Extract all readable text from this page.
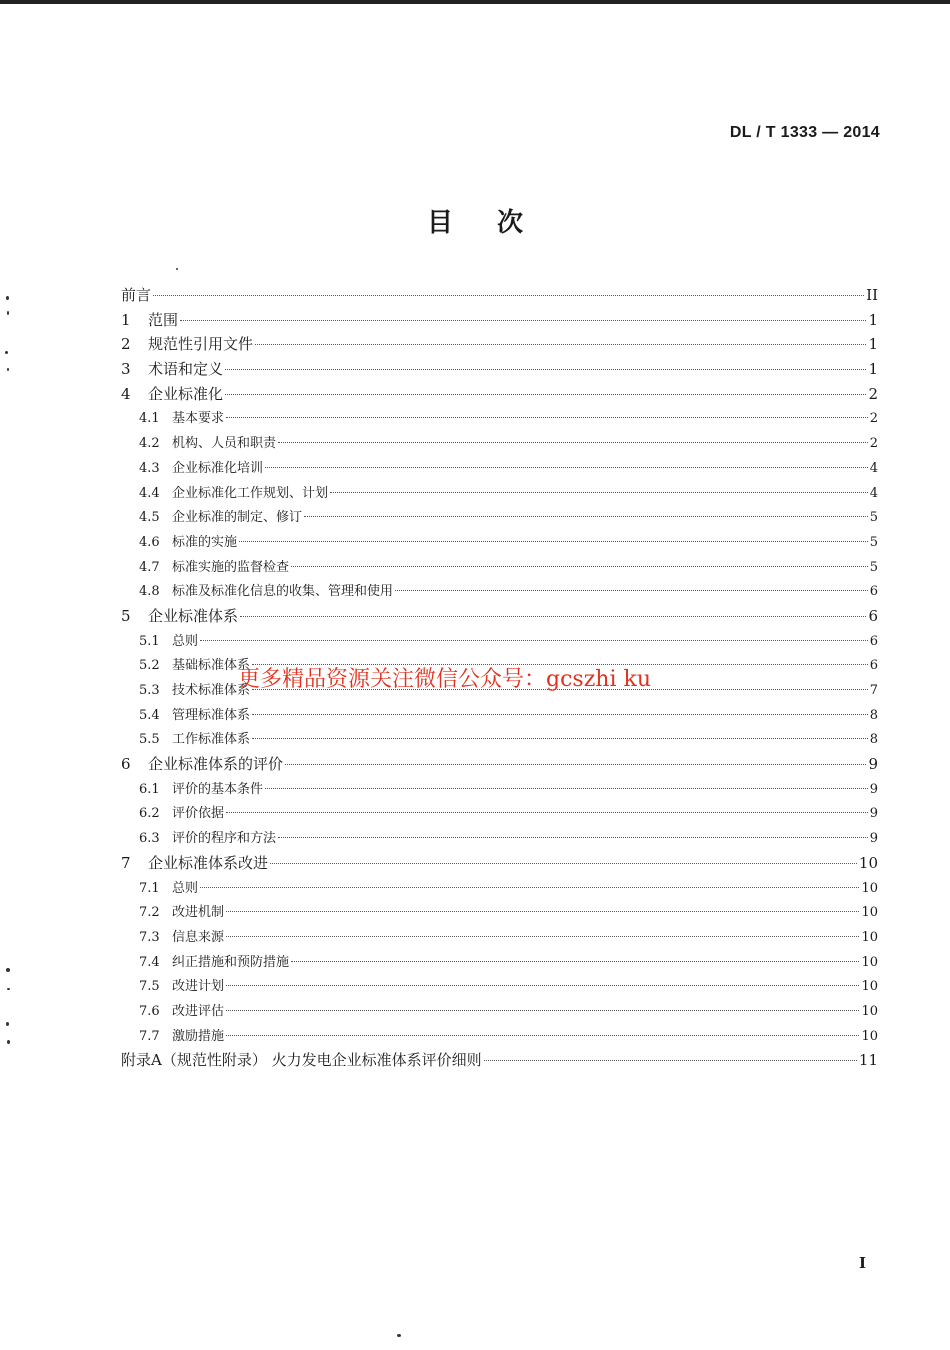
DL / T 1333 — 2014
目 次
前言	II
1	范围	1
2	规范性引用文件	1
3	术语和定义	1
4	企业标准化	2
4.1 基本要求	2
4.2 机构、人员和职责	2
4.3 企业标准化培训	4
4.4 企业标准化工作规划、计划	4
4.5 企业标准的制定、修订	5
4.6 标准的实施	5
4.7 标准实施的监督检查	5
4.8 标准及标准化信息的收集、管理和使用	6
5	企业标准体系	6
5.1 总则	6
5.2 基础标准体系	6
5.3 技术标准体系	7
5.4 管理标准体系	8
5.5 工作标准体系	8
6	企业标准体系的评价	9
6.1 评价的基本条件	9
6.2 评价依据	9
6.3 评价的程序和方法	9
7	企业标准体系改进	10
7.1 总则	10
7.2 改进机制	10
7.3 信息来源	10
7.4 纠正措施和预防措施	10
7.5 改进计划	10
7.6 改进评估	10
7.7 激励措施	10
附录A（规范性附录） 火力发电企业标准体系评价细则	11
更多精品资源关注微信公众号：gcszhi ku
I
